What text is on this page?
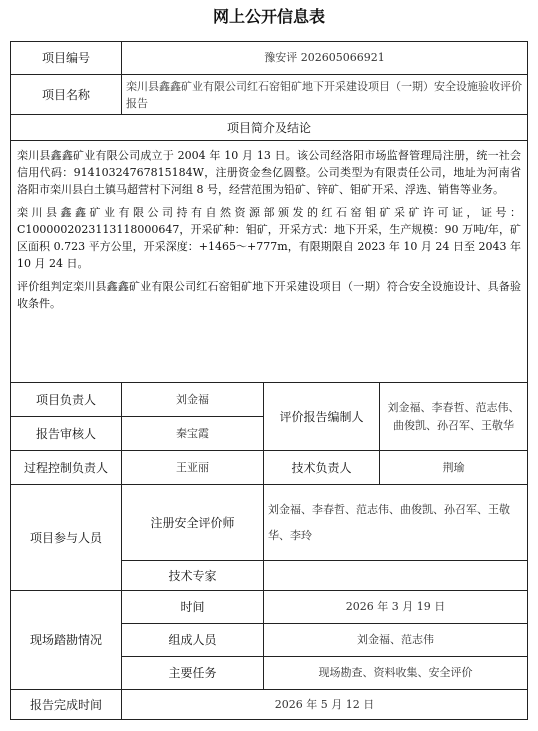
网上公开信息表
项目编号	豫安评 202605066921		
项目名称	栾川县鑫鑫矿业有限公司红石窑钼矿地下开采建设项目（一期）安全设施验收评价报告		
项目简介及结论			

栾川县鑫鑫矿业有限公司成立于 2004 年 10 月 13 日。该公司经洛阳市场监督管理局注册，统一社会信用代码：91410324767815184W，注册资金叁亿圆整。公司类型为有限责任公司，地址为河南省洛阳市栾川县白土镇马超营村下河组 8 号，经营范围为铅矿、锌矿、钼矿开采、浮选、销售等业务。

栾川县鑫鑫矿业有限公司持有自然资源部颁发的红石窑钼矿采矿许可证，证号：C1000002023113118000647，开采矿种：钼矿，开采方式：地下开采，生产规模：90 万吨/年，矿区面积 0.723 平方公里，开采深度：+1465～+777m，有限期限自 2023 年 10 月 24 日至 2043 年 10 月 24 日。

评价组判定栾川县鑫鑫矿业有限公司红石窑钼矿地下开采建设项目（一期）符合安全设施设计、具备验收条件。			

项目负责人	刘金福	评价报告编制人	刘金福、李春哲、范志伟、曲俊凯、孙召军、王敬华
报告审核人	秦宝霞		
过程控制负责人	王亚丽	技术负责人	荆瑜
项目参与人员	注册安全评价师	刘金福、李春哲、范志伟、曲俊凯、孙召军、王敬华、李玲	
	技术专家		
现场踏勘情况	时间	2026 年 3 月 19 日	
	组成人员	刘金福、范志伟	
	主要任务	现场勘查、资料收集、安全评价	
报告完成时间	2026 年 5 月 12 日		
